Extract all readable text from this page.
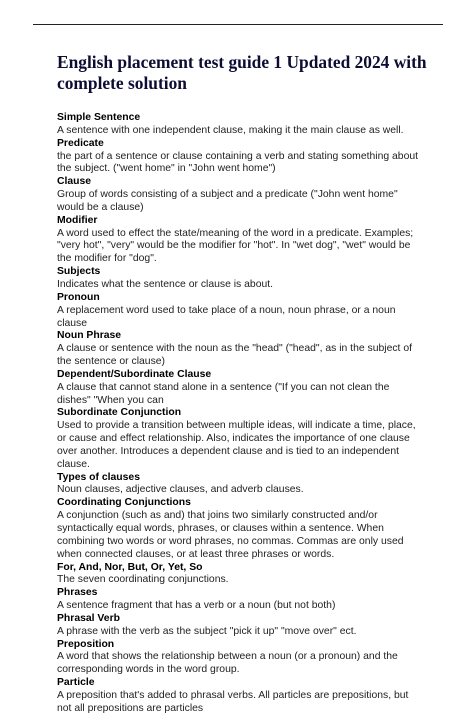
English placement test guide 1 Updated 2024 with complete solution
Simple Sentence
A sentence with one independent clause, making it the main clause as well.
Predicate
the part of a sentence or clause containing a verb and stating something about the subject. ("went home" in "John went home")
Clause
Group of words consisting of a subject and a predicate ("John went home" would be a clause)
Modifier
A word used to effect the state/meaning of the word in a predicate. Examples; "very hot", "very" would be the modifier for "hot". In "wet dog", "wet" would be the modifier for "dog".
Subjects
Indicates what the sentence or clause is about.
Pronoun
A replacement word used to take place of a noun, noun phrase, or a noun clause
Noun Phrase
A clause or sentence with the noun as the "head" ("head", as in the subject of the sentence or clause)
Dependent/Subordinate Clause
A clause that cannot stand alone in a sentence ("If you can not clean the dishes" "When you can
Subordinate Conjunction
Used to provide a transition between multiple ideas, will indicate a time, place, or cause and effect relationship. Also, indicates the importance of one clause over another. Introduces a dependent clause and is tied to an independent clause.
Types of clauses
Noun clauses, adjective clauses, and adverb clauses.
Coordinating Conjunctions
A conjunction (such as and) that joins two similarly constructed and/or syntactically equal words, phrases, or clauses within a sentence. When combining two words or word phrases, no commas. Commas are only used when connected clauses, or at least three phrases or words.
For, And, Nor, But, Or, Yet, So
The seven coordinating conjunctions.
Phrases
A sentence fragment that has a verb or a noun (but not both)
Phrasal Verb
A phrase with the verb as the subject "pick it up" "move over" ect.
Preposition
A word that shows the relationship between a noun (or a pronoun) and the corresponding words in the word group.
Particle
A preposition that's added to phrasal verbs. All particles are prepositions, but not all prepositions are particles
